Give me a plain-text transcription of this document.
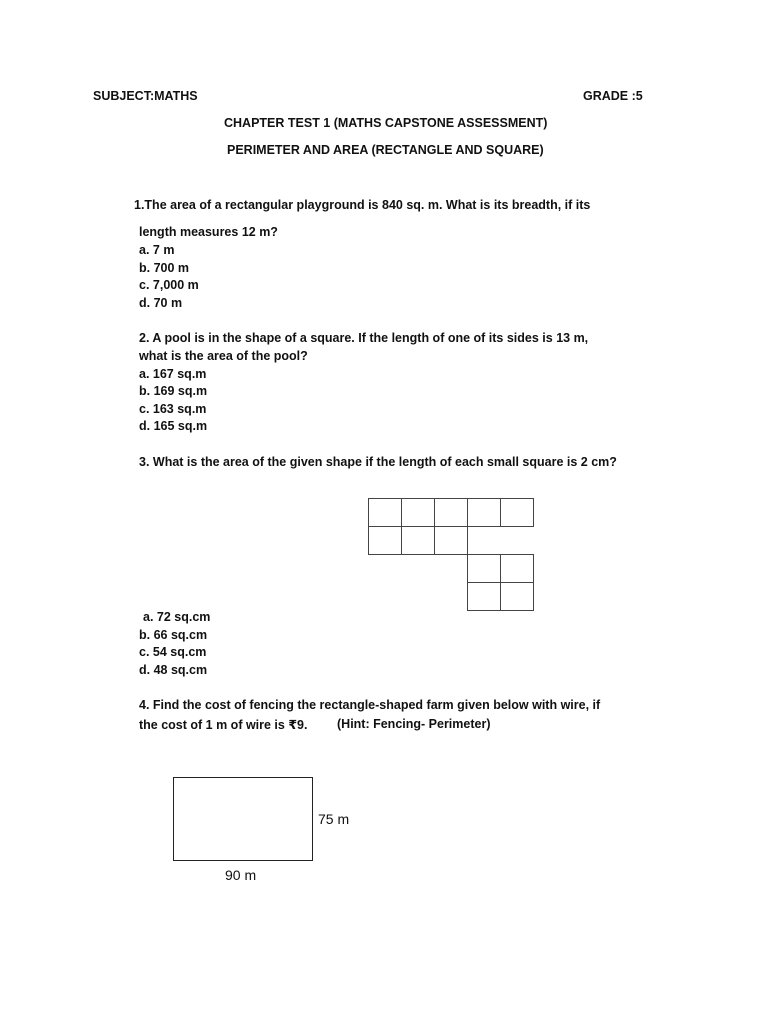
SUBJECT:MATHS	GRADE :5
CHAPTER TEST 1 (MATHS CAPSTONE ASSESSMENT)
PERIMETER AND AREA (RECTANGLE AND SQUARE)
1.The area of a rectangular playground is 840 sq. m. What is its breadth, if its
length measures 12 m?
a. 7 m
b. 700 m
c. 7,000 m
d. 70 m
2. A pool is in the shape of a square. If the length of one of its sides is 13 m,
what is the area of the pool?
a. 167 sq.m
b. 169 sq.m
c. 163 sq.m
d. 165 sq.m
3. What is the area of the given shape if the length of each small square is 2 cm?
a. 72 sq.cm
b. 66 sq.cm
c. 54 sq.cm
d. 48 sq.cm
4. Find the cost of fencing the rectangle-shaped farm given below with wire, if
the cost of 1 m of wire is ₹9. (Hint: Fencing- Perimeter)
75 m
90 m
